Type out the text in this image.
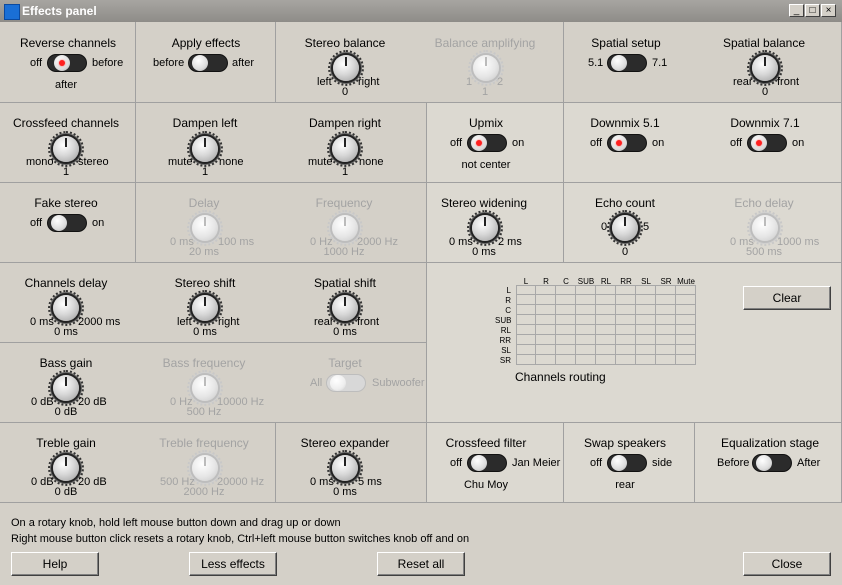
Effects panel	_	□	×
Reverse channels
off	before
after
Apply effects
before	after
Stereo balance
left right
0
Balance amplifying
1 2
1
Spatial setup
5.1	7.1
Spatial balance
rear front
0
Crossfeed channels
mono stereo
1
Dampen left
mute none
1
Dampen right
mute none
1
Upmix
off	on
not center
Downmix 5.1
off	on
Downmix 7.1
off	on
Fake stereo
off	on
Delay
0 ms 100 ms
20 ms
Frequency
0 Hz 2000 Hz
1000 Hz
Stereo widening
0 ms 2 ms
0 ms
Echo count
0	5
0
Echo delay
0 ms 1000 ms
500 ms
Channels delay
0 ms 2000 ms
0 ms
Stereo shift
left right
0 ms
Spatial shift
rear front
0 ms
Bass gain
0 dB 20 dB
0 dB
Bass frequency
0 Hz 10000 Hz
500 Hz
Target
All	Subwoofer
L R C SUB RL RR SL SR Mute
L
R
C
SUB
RL
RR
SL
SR
Channels routing
Clear
Treble gain
0 dB 20 dB
0 dB
Treble frequency
500 Hz 20000 Hz
2000 Hz
Stereo expander
0 ms 5 ms
0 ms
Crossfeed filter
off	Jan Meier
Chu Moy
Swap speakers
off	side
rear
Equalization stage
Before	After
On a rotary knob, hold left mouse button down and drag up or down
Right mouse button click resets a rotary knob, Ctrl+left mouse button switches knob off and on
Help	Less effects	Reset all	Close
